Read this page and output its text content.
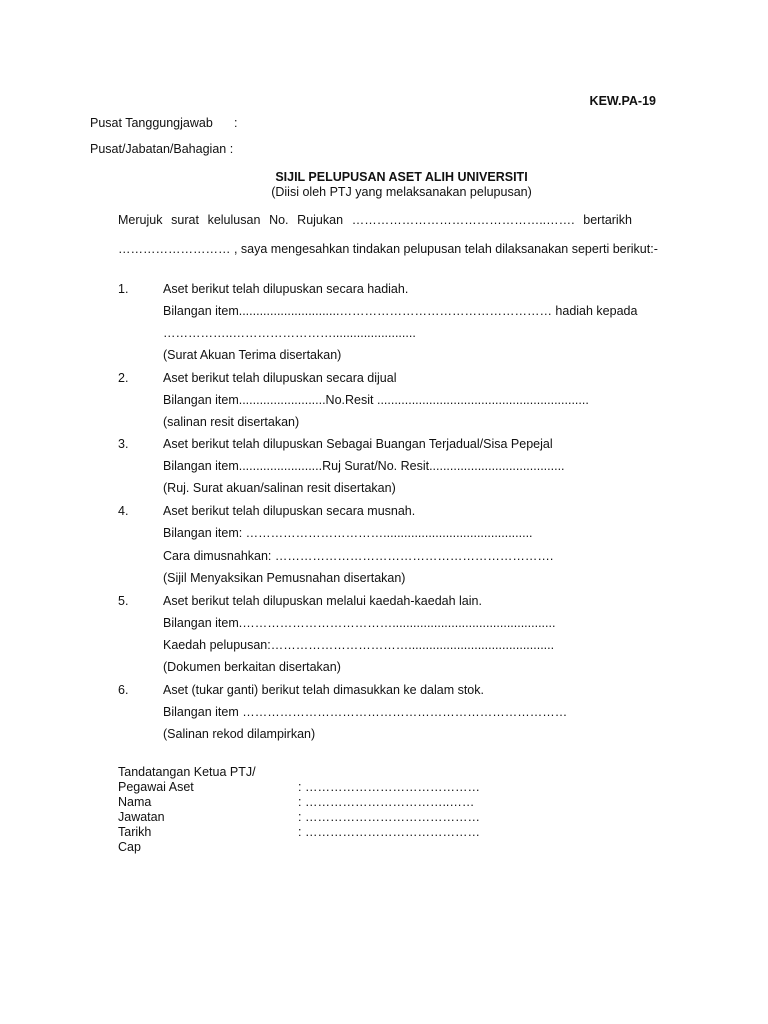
KEW.PA-19
Pusat Tanggungjawab :
Pusat/Jabatan/Bahagian :
SIJIL PELUPUSAN ASET ALIH UNIVERSITI
(Diisi oleh PTJ yang melaksanakan pelupusan)
Merujuk surat kelulusan No. Rujukan ………………………………………..……. bertarikh
……………………… , saya mengesahkan tindakan pelupusan telah dilaksanakan seperti berikut:-
1.	Aset berikut telah dilupuskan secara hadiah.
Bilangan item.............................…………………………………………… hadiah kepada
……………..……………………........................
(Surat Akuan Terima disertakan)
2.	Aset berikut telah dilupuskan secara dijual
Bilangan item.........................No.Resit .............................................................
(salinan resit disertakan)
3.	Aset berikut telah dilupuskan Sebagai Buangan Terjadual/Sisa Pepejal
Bilangan item........................Ruj Surat/No. Resit.......................................
(Ruj. Surat akuan/salinan resit disertakan)
4.	Aset berikut telah dilupuskan secara musnah.
Bilangan item: ……………………………...........................................
Cara dimusnahkan: ………………………………………………………….
(Sijil Menyaksikan Pemusnahan disertakan)
5.	Aset berikut telah dilupuskan melalui kaedah-kaedah lain.
Bilangan item.………………………………...............................................
Kaedah pelupusan:……………………………..........................................
(Dokumen berkaitan disertakan)
6.	Aset (tukar ganti) berikut telah dimasukkan ke dalam stok.
Bilangan item ……………………………………………………………………
(Salinan rekod dilampirkan)
Tandatangan Ketua PTJ/
Pegawai Aset	: ……………………………………
Nama	: ……………………………..……
Jawatan	: ……………………………………
Tarikh	: ……………………………………
Cap
